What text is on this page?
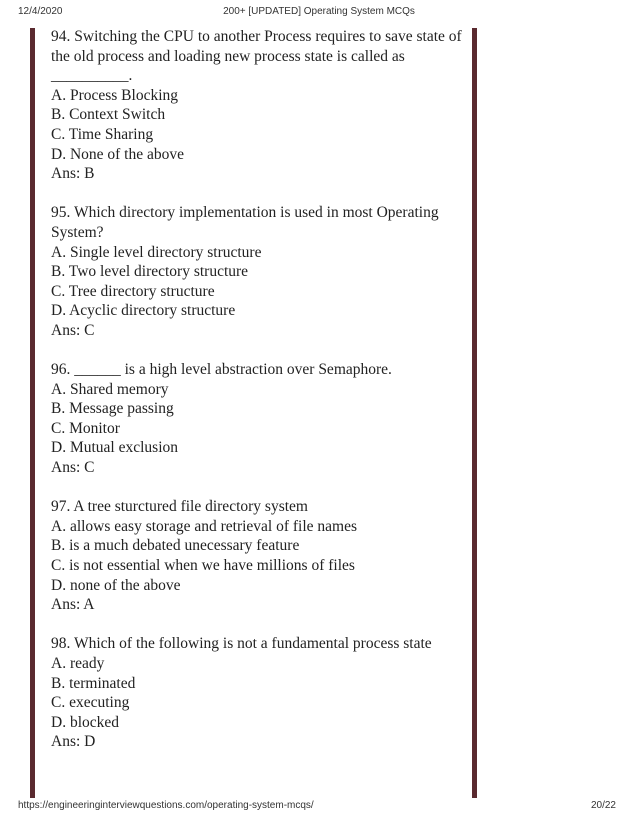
12/4/2020	200+ [UPDATED] Operating System MCQs

94. Switching the CPU to another Process requires to save state of

the old process and loading new process state is called as

__________.

A. Process Blocking

B. Context Switch

C. Time Sharing

D. None of the above

Ans: B

95. Which directory implementation is used in most Operating

System?

A. Single level directory structure

B. Two level directory structure

C. Tree directory structure

D. Acyclic directory structure

Ans: C

96. ______ is a high level abstraction over Semaphore.

A. Shared memory

B. Message passing

C. Monitor

D. Mutual exclusion

Ans: C

97. A tree sturctured file directory system

A. allows easy storage and retrieval of file names

B. is a much debated unecessary feature

C. is not essential when we have millions of files

D. none of the above

Ans: A

98. Which of the following is not a fundamental process state

A. ready

B. terminated

C. executing

D. blocked

Ans: D

https://engineeringinterviewquestions.com/operating-system-mcqs/	20/22
